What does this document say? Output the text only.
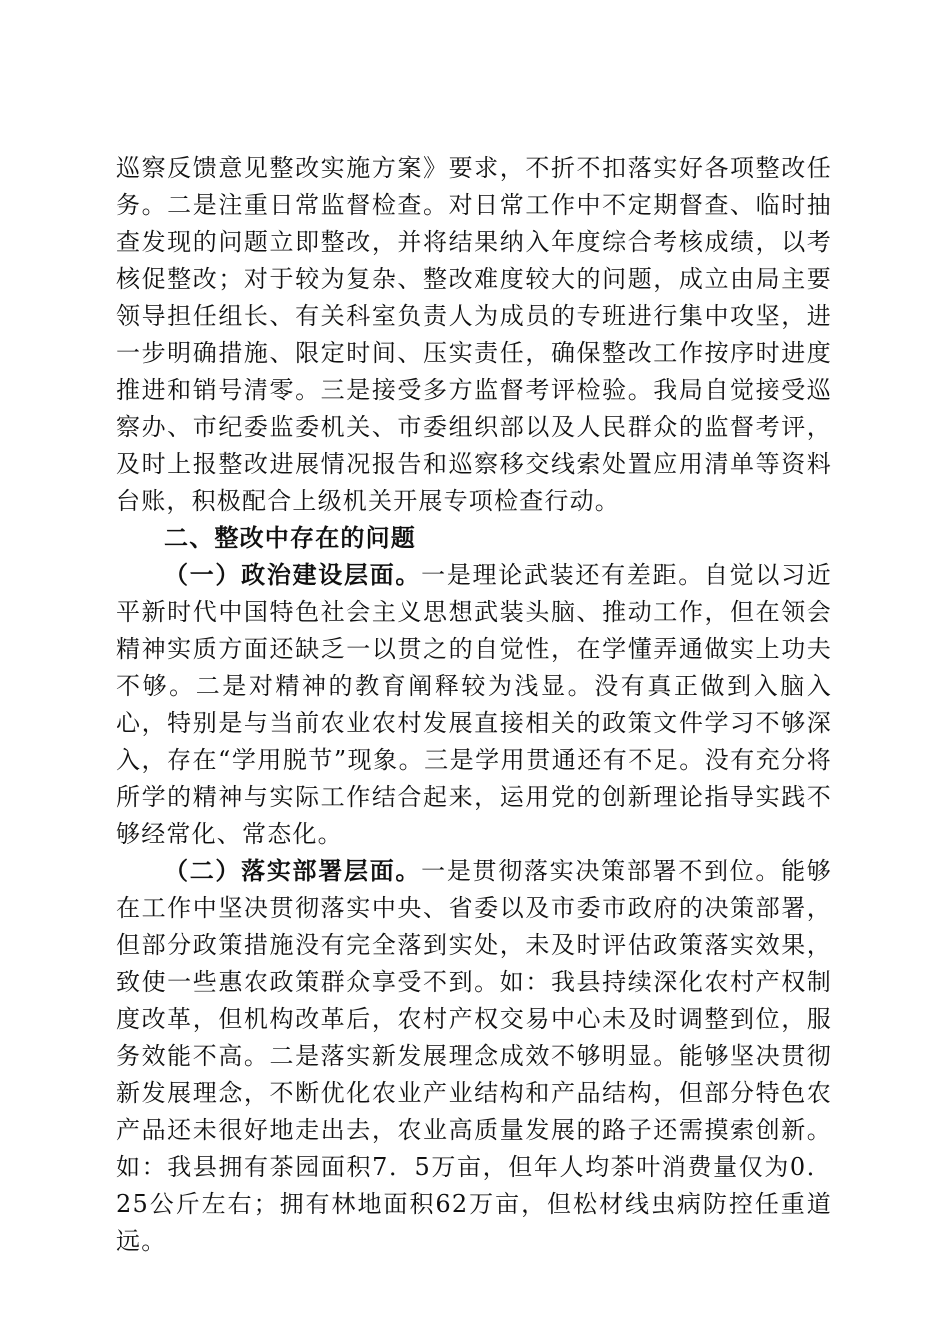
巡察反馈意见整改实施方案》要求，不折不扣落实好各项整改任务。二是注重日常监督检查。对日常工作中不定期督查、临时抽查发现的问题立即整改，并将结果纳入年度综合考核成绩，以考核促整改；对于较为复杂、整改难度较大的问题，成立由局主要领导担任组长、有关科室负责人为成员的专班进行集中攻坚，进一步明确措施、限定时间、压实责任，确保整改工作按序时进度推进和销号清零。三是接受多方监督考评检验。我局自觉接受巡察办、市纪委监委机关、市委组织部以及人民群众的监督考评，及时上报整改进展情况报告和巡察移交线索处置应用清单等资料台账，积极配合上级机关开展专项检查行动。

二、整改中存在的问题

（一）政治建设层面。一是理论武装还有差距。自觉以习近平新时代中国特色社会主义思想武装头脑、推动工作，但在领会精神实质方面还缺乏一以贯之的自觉性，在学懂弄通做实上功夫不够。二是对精神的教育阐释较为浅显。没有真正做到入脑入心，特别是与当前农业农村发展直接相关的政策文件学习不够深入，存在“学用脱节”现象。三是学用贯通还有不足。没有充分将所学的精神与实际工作结合起来，运用党的创新理论指导实践不够经常化、常态化。

（二）落实部署层面。一是贯彻落实决策部署不到位。能够在工作中坚决贯彻落实中央、省委以及市委市政府的决策部署，但部分政策措施没有完全落到实处，未及时评估政策落实效果，致使一些惠农政策群众享受不到。如：我县持续深化农村产权制度改革，但机构改革后，农村产权交易中心未及时调整到位，服务效能不高。二是落实新发展理念成效不够明显。能够坚决贯彻新发展理念，不断优化农业产业结构和产品结构，但部分特色农产品还未很好地走出去，农业高质量发展的路子还需摸索创新。如：我县拥有茶园面积7．5万亩，但年人均茶叶消费量仅为0．25公斤左右；拥有林地面积62万亩，但松材线虫病防控任重道远。
